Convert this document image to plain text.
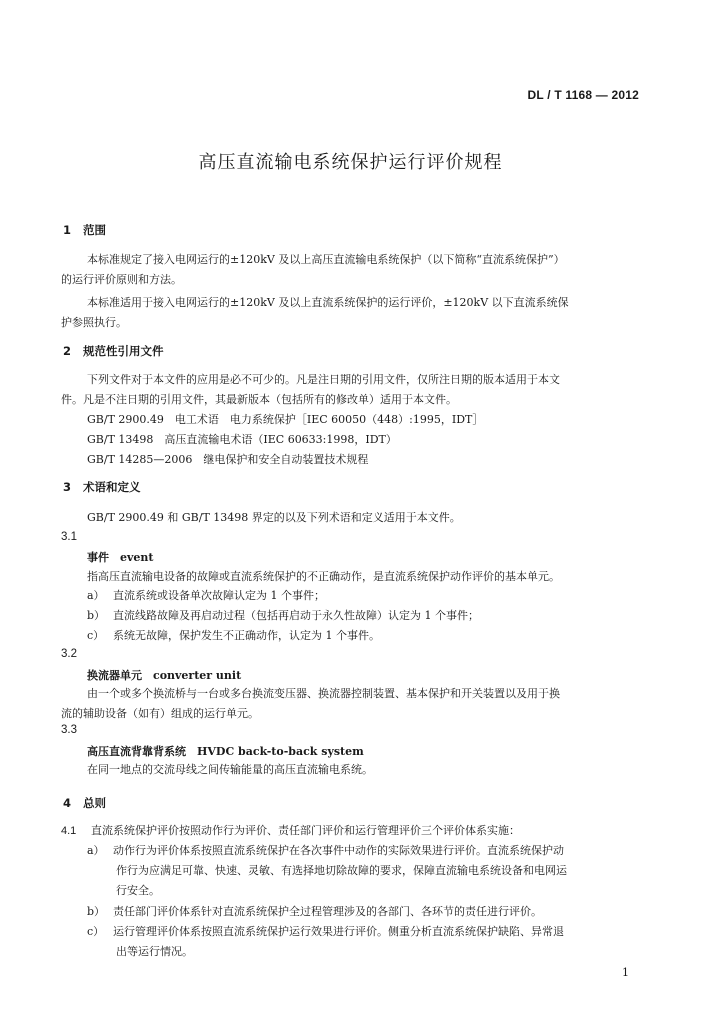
DL / T 1168 — 2012
高压直流输电系统保护运行评价规程
1 范围
本标准规定了接入电网运行的±120kV 及以上高压直流输电系统保护（以下简称“直流系统保护”）
的运行评价原则和方法。
本标准适用于接入电网运行的±120kV 及以上直流系统保护的运行评价，±120kV 以下直流系统保
护参照执行。
2 规范性引用文件
下列文件对于本文件的应用是必不可少的。凡是注日期的引用文件，仅所注日期的版本适用于本文
件。凡是不注日期的引用文件，其最新版本（包括所有的修改单）适用于本文件。
GB/T 2900.49　电工术语　电力系统保护［IEC 60050（448）:1995，IDT］
GB/T 13498　高压直流输电术语（IEC 60633:1998，IDT）
GB/T 14285—2006　继电保护和安全自动装置技术规程
3 术语和定义
GB/T 2900.49 和 GB/T 13498 界定的以及下列术语和定义适用于本文件。
3.1
事件　event
指高压直流输电设备的故障或直流系统保护的不正确动作，是直流系统保护动作评价的基本单元。
a） 直流系统或设备单次故障认定为 1 个事件；
b） 直流线路故障及再启动过程（包括再启动于永久性故障）认定为 1 个事件；
c） 系统无故障，保护发生不正确动作，认定为 1 个事件。
3.2
换流器单元　converter unit
由一个或多个换流桥与一台或多台换流变压器、换流器控制装置、基本保护和开关装置以及用于换
流的辅助设备（如有）组成的运行单元。
3.3
高压直流背靠背系统　HVDC back-to-back system
在同一地点的交流母线之间传输能量的高压直流输电系统。
4 总则
4.1 直流系统保护评价按照动作行为评价、责任部门评价和运行管理评价三个评价体系实施：
a） 动作行为评价体系按照直流系统保护在各次事件中动作的实际效果进行评价。直流系统保护动
作行为应满足可靠、快速、灵敏、有选择地切除故障的要求，保障直流输电系统设备和电网运
行安全。
b） 责任部门评价体系针对直流系统保护全过程管理涉及的各部门、各环节的责任进行评价。
c） 运行管理评价体系按照直流系统保护运行效果进行评价。侧重分析直流系统保护缺陷、异常退
出等运行情况。
1
